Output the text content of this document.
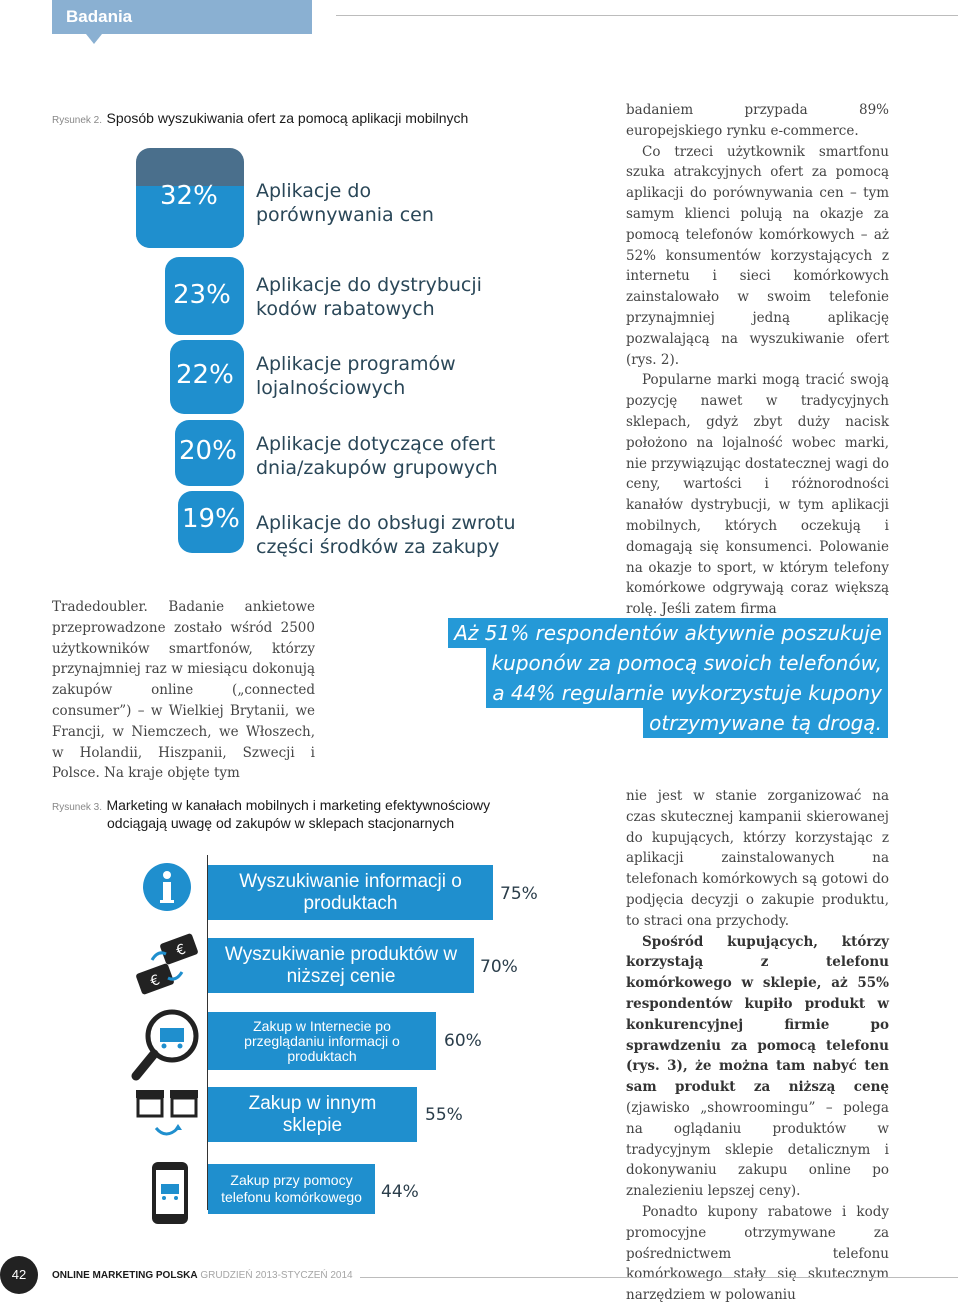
Badania
Rysunek 2. Sposób wyszukiwania ofert za pomocą aplikacji mobilnych
32%
23%
22%
20%
19%
Aplikacje do porównywania cen
Aplikacje do dystrybucji kodów rabatowych
Aplikacje programów lojalnościowych
Aplikacje dotyczące ofert dnia/zakupów grupowych
Aplikacje do obsługi zwrotu części środków za zakupy

badaniem przypada 89% europejskiego rynku e-commerce.

Co trzeci użytkownik smartfonu szuka atrakcyjnych ofert za pomocą aplikacji do porównywania cen – tym samym klienci polują na okazje za pomocą telefonów komórkowych – aż 52% konsumentów korzystających z internetu i sieci komórkowych zainstalowało w swoim telefonie przynajmniej jedną aplikację pozwalającą na wyszukiwanie ofert (rys. 2).

Popularne marki mogą tracić swoją pozycję nawet w tradycyjnych sklepach, gdyż zbyt duży nacisk położono na lojalność wobec marki, nie przywiązując dostatecznej wagi do ceny, wartości i różnorodności kanałów dystrybucji, w tym aplikacji mobilnych, których oczekują i domagają się konsumenci. Polowanie na okazje to sport, w którym telefony komórkowe odgrywają coraz większą rolę. Jeśli zatem firma

Tradedoubler. Badanie ankietowe przeprowadzone zostało wśród 2500 użytkowników smartfonów, którzy przynajmniej raz w miesiącu dokonują zakupów online („connected consumer”) – w Wielkiej Brytanii, we Francji, w Niemczech, we Włoszech, w Holandii, Hiszpanii, Szwecji i Polsce. Na kraje objęte tym

Aż 51% respondentów aktywnie poszukuje
kuponów za pomocą swoich telefonów,
a 44% regularnie wykorzystuje kupony
otrzymywane tą drogą.
Rysunek 3. Marketing w kanałach mobilnych i marketing efektywnościowy
odciągają uwagę od zakupów w sklepach stacjonarnych
€
€
Wyszukiwanie informacji o produktach
Wyszukiwanie produktów w niższej cenie
Zakup w Internecie po przeglądaniu informacji o produktach
Zakup w innym sklepie
Zakup przy pomocy telefonu komórkowego
75%
70%
60%
55%
44%

nie jest w stanie zorganizować na czas skutecznej kampanii skierowanej do kupujących, którzy korzystając z aplikacji zainstalowanych na telefonach komórkowych są gotowi do podjęcia decyzji o zakupie produktu, to straci ona przychody.

Spośród kupujących, którzy korzystają z telefonu komórkowego w sklepie, aż 55% respondentów kupiło produkt w konkurencyjnej firmie po sprawdzeniu za pomocą telefonu (rys. 3), że można tam nabyć ten sam produkt za niższą cenę (zjawisko „showroomingu” – polega na oglądaniu produktów w tradycyjnym sklepie detalicznym i dokonywaniu zakupu online po znalezieniu lepszej ceny).

Ponadto kupony rabatowe i kody promocyjne otrzymywane za pośrednictwem telefonu komórkowego stały się skutecznym narzędziem w polowaniu

42	ONLINE MARKETING POLSKA GRUDZIEŃ 2013-STYCZEŃ 2014
